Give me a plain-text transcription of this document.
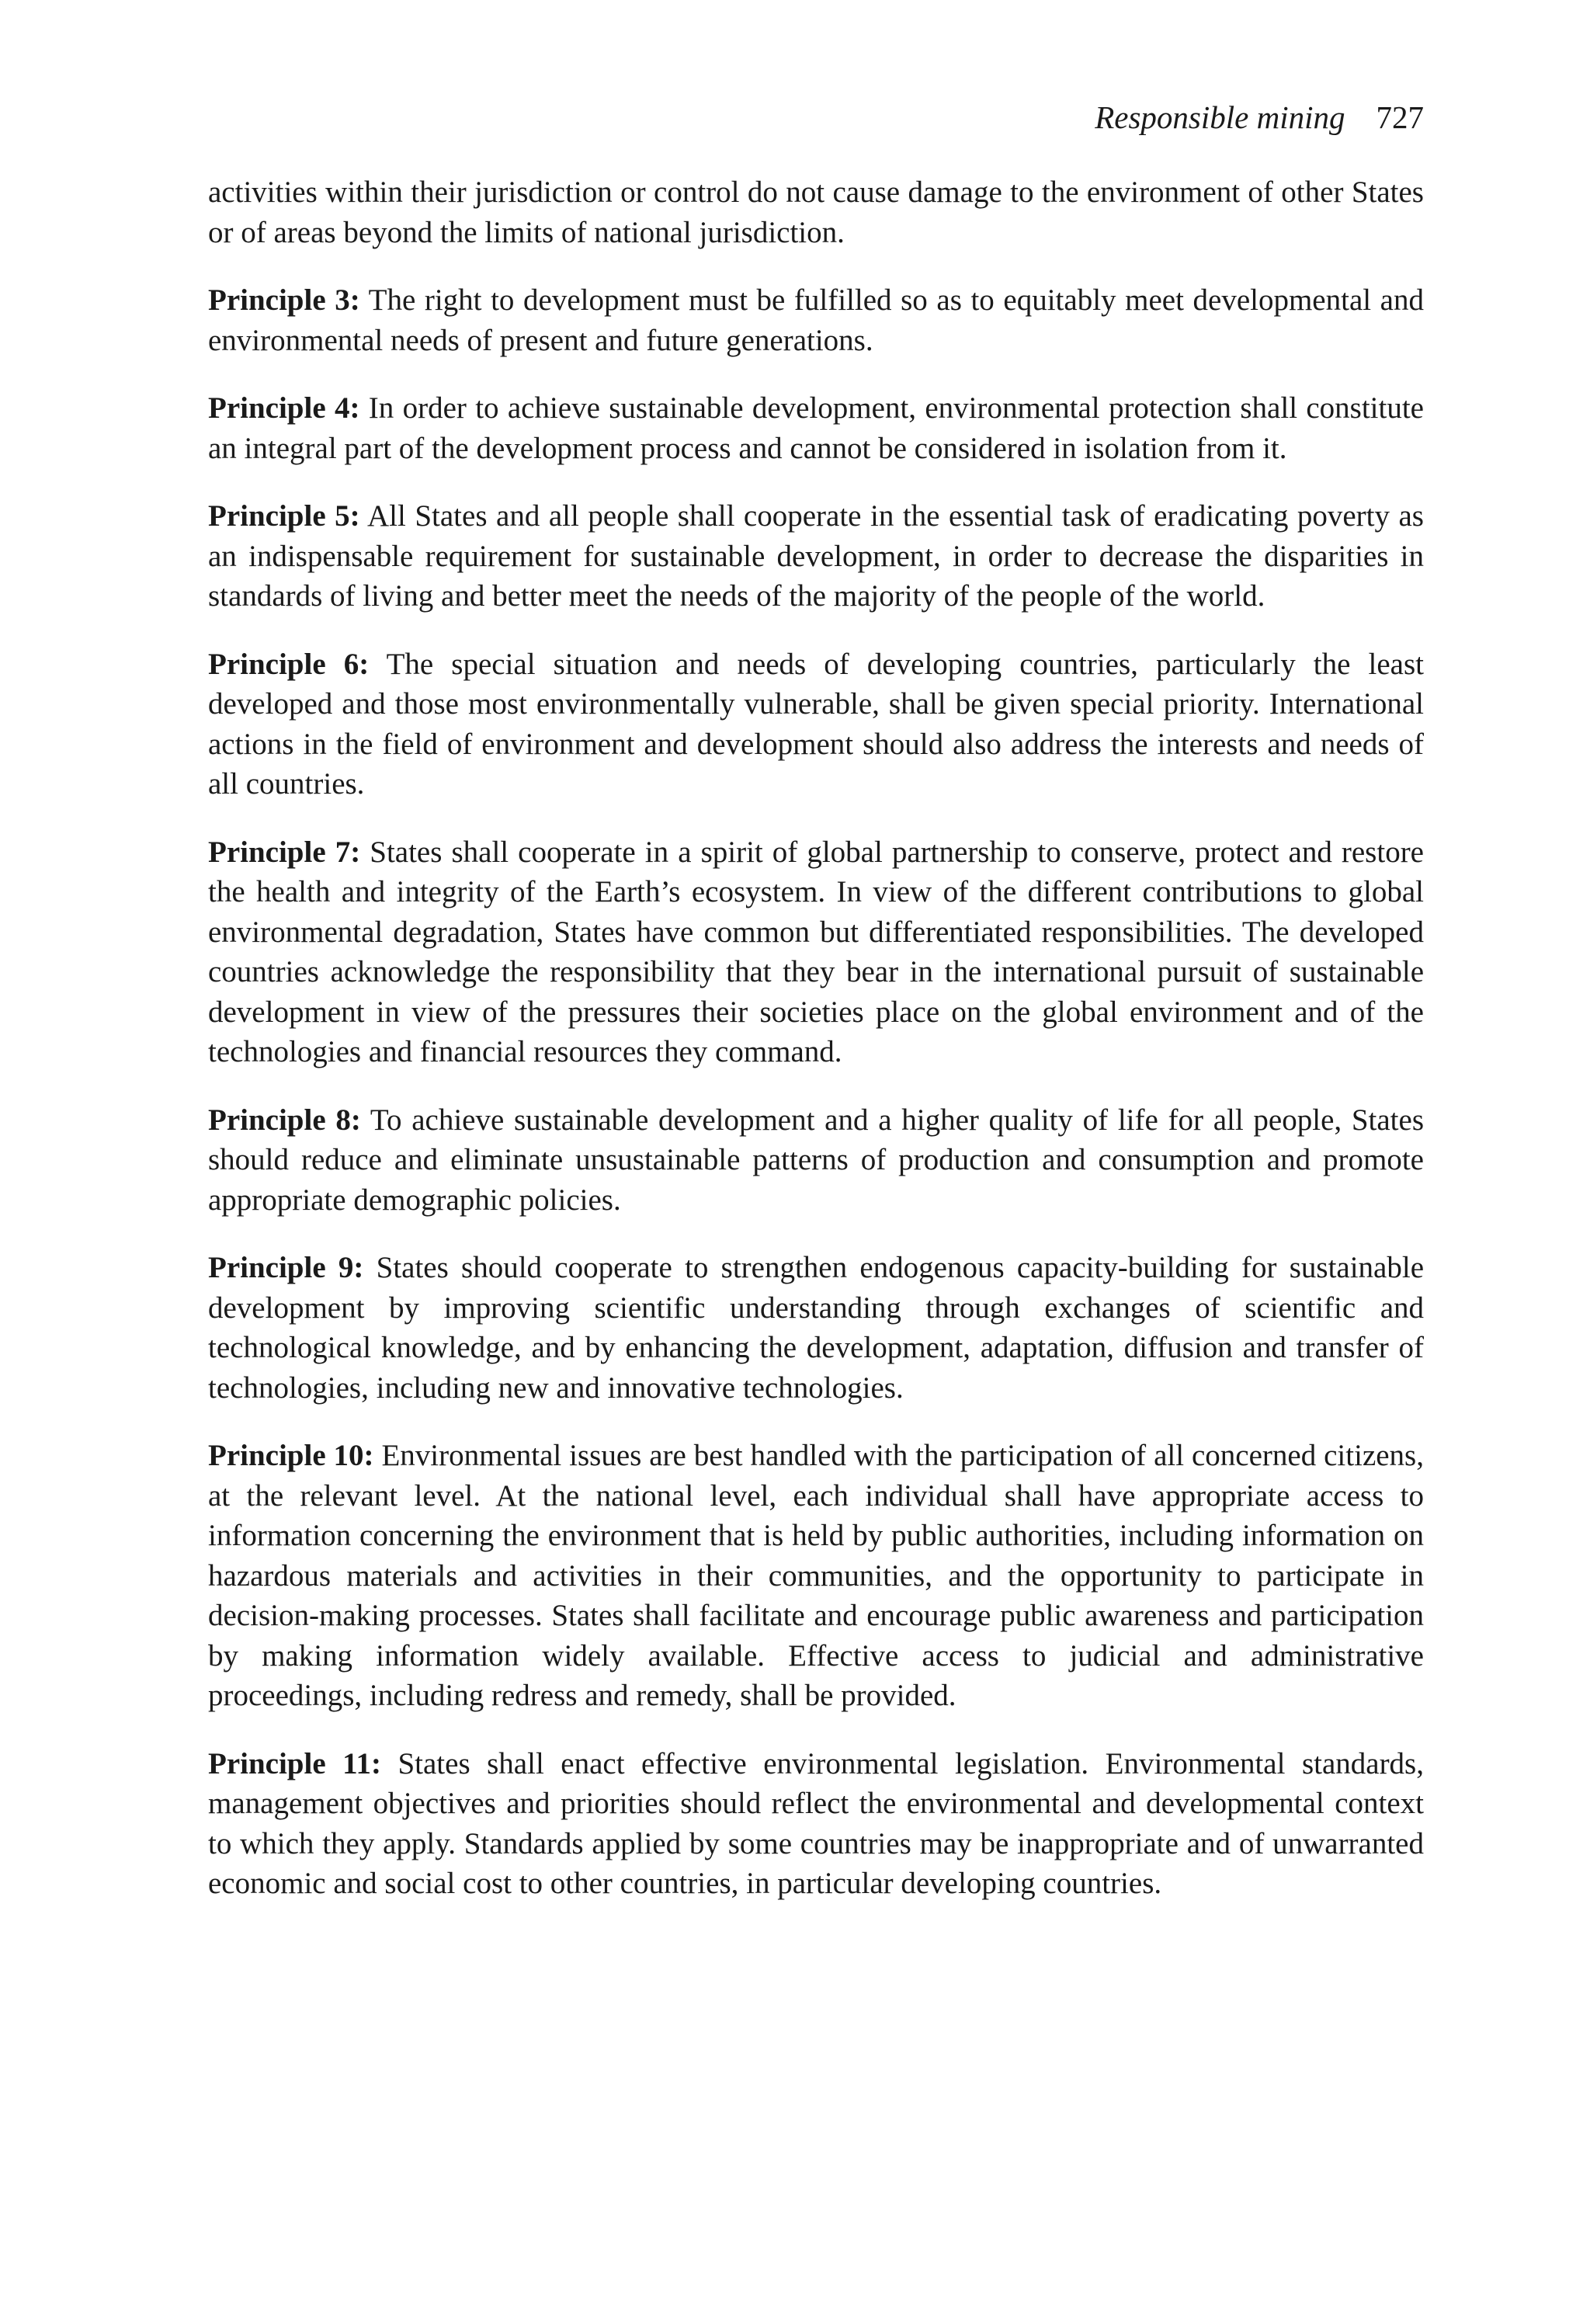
Responsible mining 727

activities within their jurisdiction or control do not cause damage to the environment of other States or of areas beyond the limits of national jurisdiction.

Principle 3: The right to development must be fulfilled so as to equitably meet developmental and environmental needs of present and future generations.

Principle 4: In order to achieve sustainable development, environmental protection shall constitute an integral part of the development process and cannot be considered in isolation from it.

Principle 5: All States and all people shall cooperate in the essential task of eradicating poverty as an indispensable requirement for sustainable development, in order to decrease the disparities in standards of living and better meet the needs of the majority of the people of the world.

Principle 6: The special situation and needs of developing countries, particularly the least developed and those most environmentally vulnerable, shall be given special priority. International actions in the field of environment and development should also address the interests and needs of all countries.

Principle 7: States shall cooperate in a spirit of global partnership to conserve, protect and restore the health and integrity of the Earth’s ecosystem. In view of the different contributions to global environmental degradation, States have common but differentiated responsibilities. The developed countries acknowledge the responsibility that they bear in the international pursuit of sustainable development in view of the pressures their societies place on the global environment and of the technologies and financial resources they command.

Principle 8: To achieve sustainable development and a higher quality of life for all people, States should reduce and eliminate unsustainable patterns of production and consumption and promote appropriate demographic policies.

Principle 9: States should cooperate to strengthen endogenous capacity-building for sustainable development by improving scientific understanding through exchanges of scientific and technological knowledge, and by enhancing the development, adaptation, diffusion and transfer of technologies, including new and innovative technologies.

Principle 10: Environmental issues are best handled with the participation of all concerned citizens, at the relevant level. At the national level, each individual shall have appropriate access to information concerning the environment that is held by public authorities, including information on hazardous materials and activities in their communities, and the opportunity to participate in decision-making processes. States shall facilitate and encourage public awareness and participation by making information widely available. Effective access to judicial and administrative proceedings, including redress and remedy, shall be provided.

Principle 11: States shall enact effective environmental legislation. Environmental standards, management objectives and priorities should reflect the environmental and developmental context to which they apply. Standards applied by some countries may be inappropriate and of unwarranted economic and social cost to other countries, in particular developing countries.
